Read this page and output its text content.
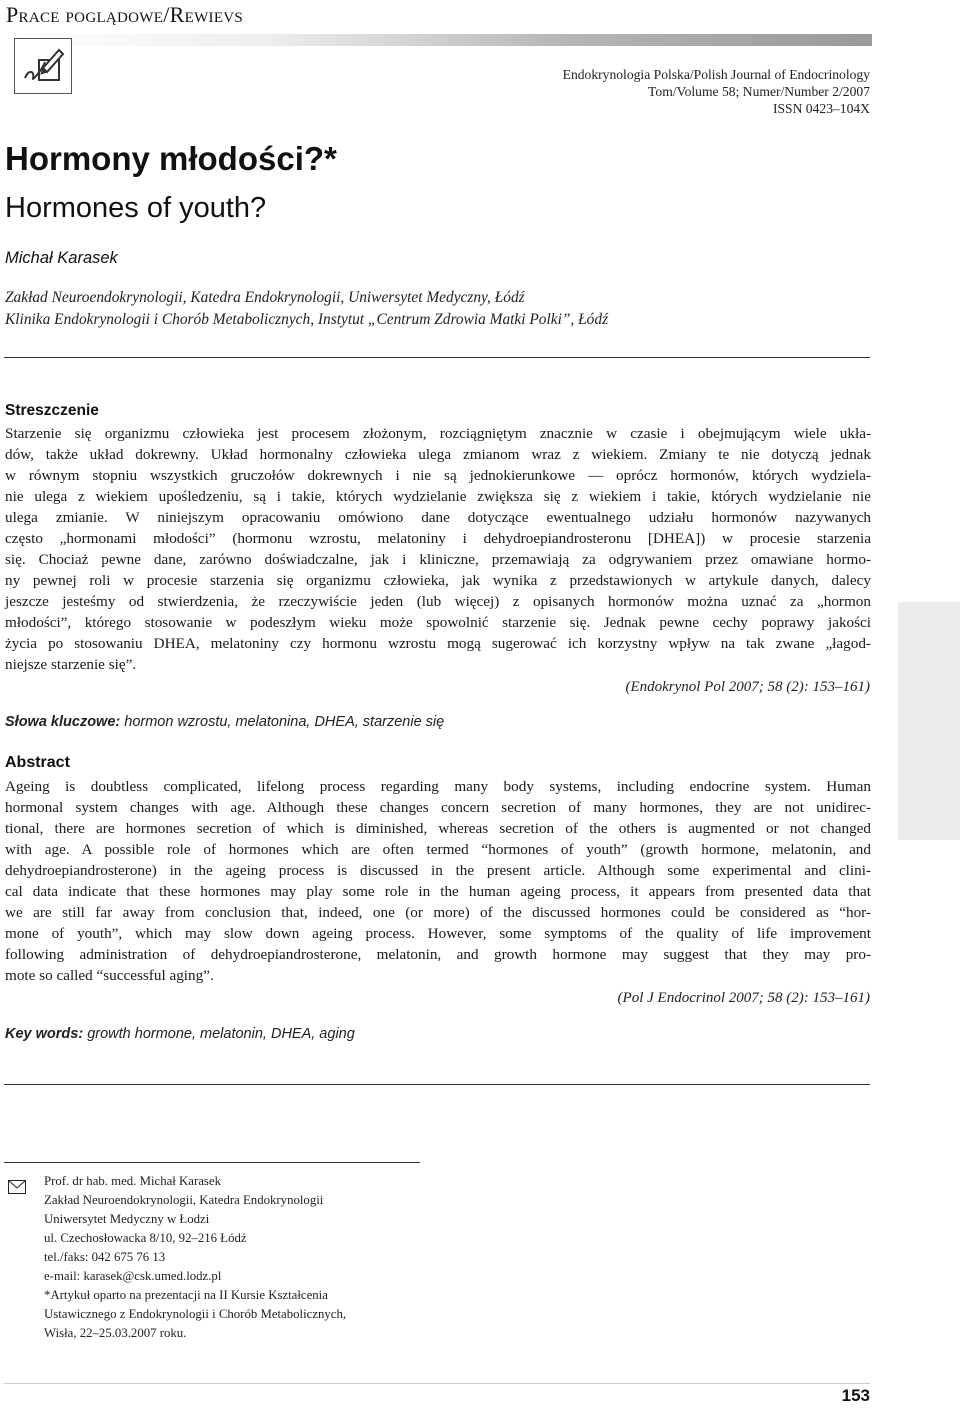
Prace poglądowe/Rewievs
Endokrynologia Polska/Polish Journal of Endocrinology
Tom/Volume 58; Numer/Number 2/2007
ISSN 0423–104X
Hormony młodości?*
Hormones of youth?
Michał Karasek
Zakład Neuroendokrynologii, Katedra Endokrynologii, Uniwersytet Medyczny, Łódź
Klinika Endokrynologii i Chorób Metabolicznych, Instytut „Centrum Zdrowia Matki Polki”, Łódź
Streszczenie
Starzenie się organizmu człowieka jest procesem złożonym, rozciągniętym znacznie w czasie i obejmującym wiele ukła-
dów, także układ dokrewny. Układ hormonalny człowieka ulega zmianom wraz z wiekiem. Zmiany te nie dotyczą jednak
w równym stopniu wszystkich gruczołów dokrewnych i nie są jednokierunkowe — oprócz hormonów, których wydziela-
nie ulega z wiekiem upośledzeniu, są i takie, których wydzielanie zwiększa się z wiekiem i takie, których wydzielanie nie
ulega zmianie. W niniejszym opracowaniu omówiono dane dotyczące ewentualnego udziału hormonów nazywanych
często „hormonami młodości” (hormonu wzrostu, melatoniny i dehydroepiandrosteronu [DHEA]) w procesie starzenia
się. Chociaż pewne dane, zarówno doświadczalne, jak i kliniczne, przemawiają za odgrywaniem przez omawiane hormo-
ny pewnej roli w procesie starzenia się organizmu człowieka, jak wynika z przedstawionych w artykule danych, dalecy
jeszcze jesteśmy od stwierdzenia, że rzeczywiście jeden (lub więcej) z opisanych hormonów można uznać za „hormon
młodości”, którego stosowanie w podeszłym wieku może spowolnić starzenie się. Jednak pewne cechy poprawy jakości
życia po stosowaniu DHEA, melatoniny czy hormonu wzrostu mogą sugerować ich korzystny wpływ na tak zwane „łagod-
niejsze starzenie się”.
(Endokrynol Pol 2007; 58 (2): 153–161)
Słowa kluczowe: hormon wzrostu, melatonina, DHEA, starzenie się
Abstract
Ageing is doubtless complicated, lifelong process regarding many body systems, including endocrine system. Human
hormonal system changes with age. Although these changes concern secretion of many hormones, they are not unidirec-
tional, there are hormones secretion of which is diminished, whereas secretion of the others is augmented or not changed
with age. A possible role of hormones which are often termed “hormones of youth” (growth hormone, melatonin, and
dehydroepiandrosterone) in the ageing process is discussed in the present article. Although some experimental and clini-
cal data indicate that these hormones may play some role in the human ageing process, it appears from presented data that
we are still far away from conclusion that, indeed, one (or more) of the discussed hormones could be considered as “hor-
mone of youth”, which may slow down ageing process. However, some symptoms of the quality of life improvement
following administration of dehydroepiandrosterone, melatonin, and growth hormone may suggest that they may pro-
mote so called “successful aging”.
(Pol J Endocrinol 2007; 58 (2): 153–161)
Key words: growth hormone, melatonin, DHEA, aging
Prof. dr hab. med. Michał Karasek
Zakład Neuroendokrynologii, Katedra Endokrynologii
Uniwersytet Medyczny w Łodzi
ul. Czechosłowacka 8/10, 92–216 Łódź
tel./faks: 042 675 76 13
e-mail: karasek@csk.umed.lodz.pl
*Artykuł oparto na prezentacji na II Kursie Kształcenia
Ustawicznego z Endokrynologii i Chorób Metabolicznych,
Wisła, 22–25.03.2007 roku.
153
